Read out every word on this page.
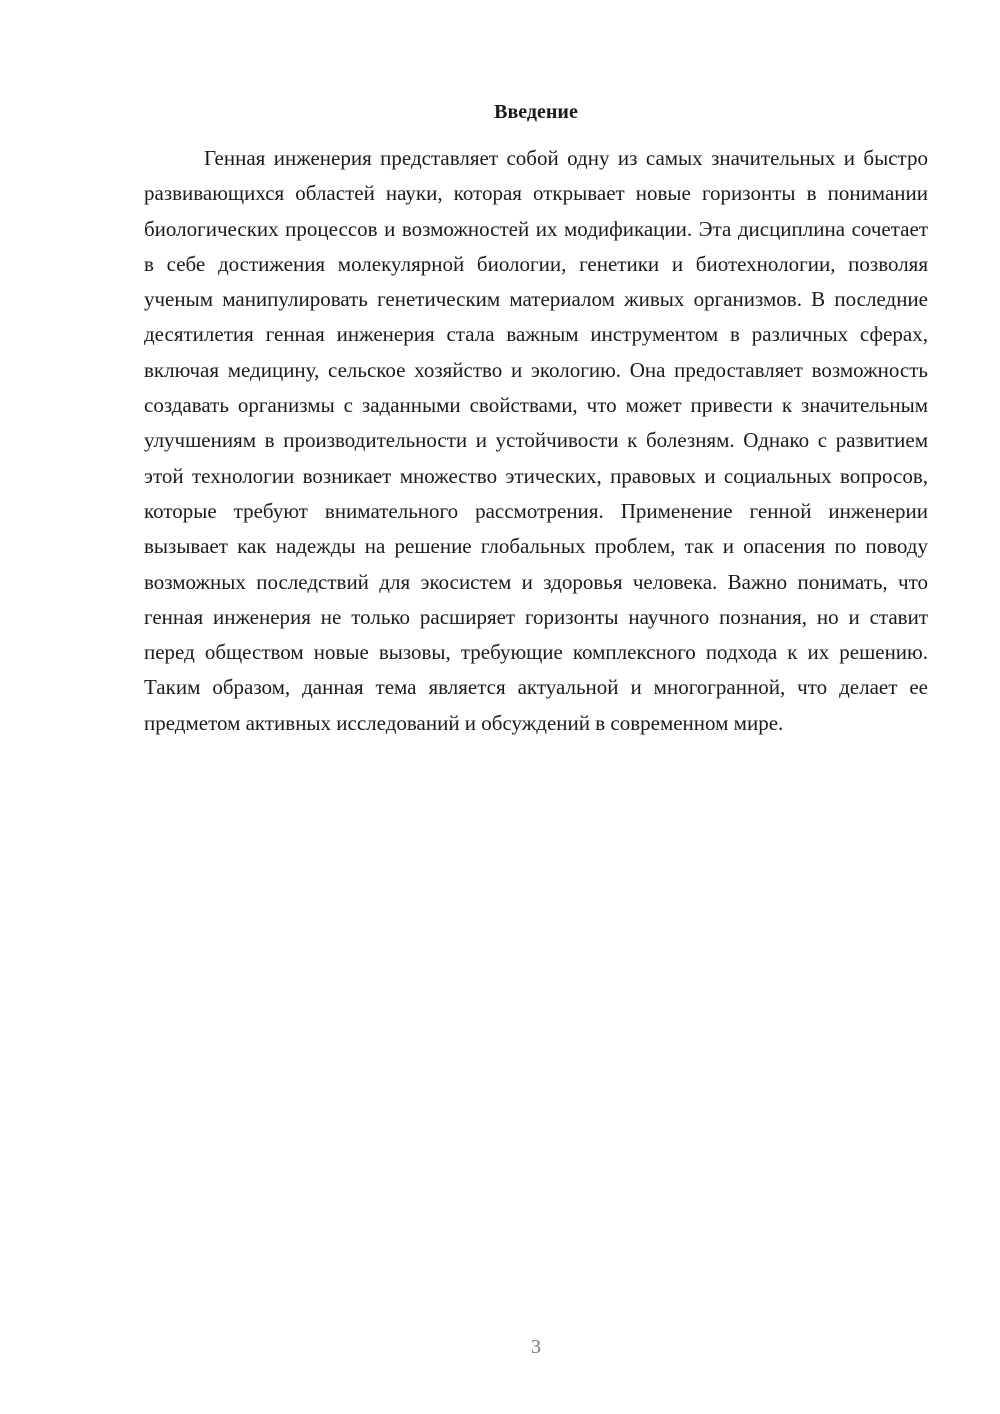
Введение

Генная инженерия представляет собой одну из самых значительных и быстро развивающихся областей науки, которая открывает новые горизонты в понимании биологических процессов и возможностей их модификации. Эта дисциплина сочетает в себе достижения молекулярной биологии, генетики и биотехнологии, позволяя ученым манипулировать генетическим материалом живых организмов. В последние десятилетия генная инженерия стала важным инструментом в различных сферах, включая медицину, сельское хозяйство и экологию. Она предоставляет возможность создавать организмы с заданными свойствами, что может привести к значительным улучшениям в производительности и устойчивости к болезням. Однако с развитием этой технологии возникает множество этических, правовых и социальных вопросов, которые требуют внимательного рассмотрения. Применение генной инженерии вызывает как надежды на решение глобальных проблем, так и опасения по поводу возможных последствий для экосистем и здоровья человека. Важно понимать, что генная инженерия не только расширяет горизонты научного познания, но и ставит перед обществом новые вызовы, требующие комплексного подхода к их решению. Таким образом, данная тема является актуальной и многогранной, что делает ее предметом активных исследований и обсуждений в современном мире.

3
